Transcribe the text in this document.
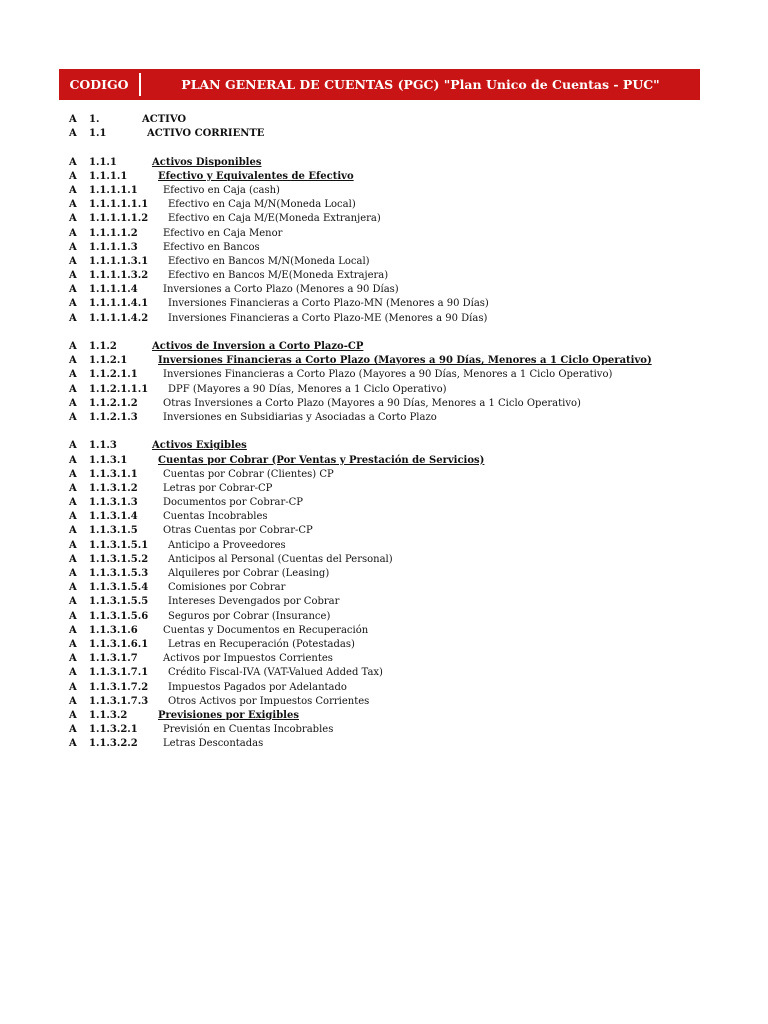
CODIGO	PLAN GENERAL DE CUENTAS (PGC) "Plan Unico de Cuentas - PUC"
A 1.	ACTIVO
A 1.1	ACTIVO CORRIENTE
A 1.1.1	Activos Disponibles
A 1.1.1.1	Efectivo y Equivalentes de Efectivo
A 1.1.1.1.1	Efectivo en Caja (cash)
A 1.1.1.1.1.1 Efectivo en Caja M/N(Moneda Local)
A 1.1.1.1.1.2 Efectivo en Caja M/E(Moneda Extranjera)
A 1.1.1.1.2	Efectivo en Caja Menor
A 1.1.1.1.3	Efectivo en Bancos
A 1.1.1.1.3.1 Efectivo en Bancos M/N(Moneda Local)
A 1.1.1.1.3.2 Efectivo en Bancos M/E(Moneda Extrajera)
A 1.1.1.1.4	Inversiones a Corto Plazo (Menores a 90 Días)
A 1.1.1.1.4.1 Inversiones Financieras a Corto Plazo-MN (Menores a 90 Días)
A 1.1.1.1.4.2 Inversiones Financieras a Corto Plazo-ME (Menores a 90 Días)
A 1.1.2	Activos de Inversion a Corto Plazo-CP
A 1.1.2.1	Inversiones Financieras a Corto Plazo (Mayores a 90 Días, Menores a 1 Ciclo Operativo)
A 1.1.2.1.1	Inversiones Financieras a Corto Plazo (Mayores a 90 Días, Menores a 1 Ciclo Operativo)
A 1.1.2.1.1.1 DPF (Mayores a 90 Días, Menores a 1 Ciclo Operativo)
A 1.1.2.1.2	Otras Inversiones a Corto Plazo (Mayores a 90 Días, Menores a 1 Ciclo Operativo)
A 1.1.2.1.3	Inversiones en Subsidiarias y Asociadas a Corto Plazo
A 1.1.3	Activos Exigibles
A 1.1.3.1	Cuentas por Cobrar (Por Ventas y Prestación de Servicios)
A 1.1.3.1.1	Cuentas por Cobrar (Clientes) CP
A 1.1.3.1.2	Letras por Cobrar-CP
A 1.1.3.1.3	Documentos por Cobrar-CP
A 1.1.3.1.4	Cuentas Incobrables
A 1.1.3.1.5	Otras Cuentas por Cobrar-CP
A 1.1.3.1.5.1 Anticipo a Proveedores
A 1.1.3.1.5.2 Anticipos al Personal (Cuentas del Personal)
A 1.1.3.1.5.3 Alquileres por Cobrar (Leasing)
A 1.1.3.1.5.4 Comisiones por Cobrar
A 1.1.3.1.5.5 Intereses Devengados por Cobrar
A 1.1.3.1.5.6 Seguros por Cobrar (Insurance)
A 1.1.3.1.6	Cuentas y Documentos en Recuperación
A 1.1.3.1.6.1 Letras en Recuperación (Potestadas)
A 1.1.3.1.7	Activos por Impuestos Corrientes
A 1.1.3.1.7.1 Crédito Fiscal-IVA (VAT-Valued Added Tax)
A 1.1.3.1.7.2 Impuestos Pagados por Adelantado
A 1.1.3.1.7.3 Otros Activos por Impuestos Corrientes
A 1.1.3.2	Previsiones por Exigibles
A 1.1.3.2.1	Previsión en Cuentas Incobrables
A 1.1.3.2.2	Letras Descontadas
